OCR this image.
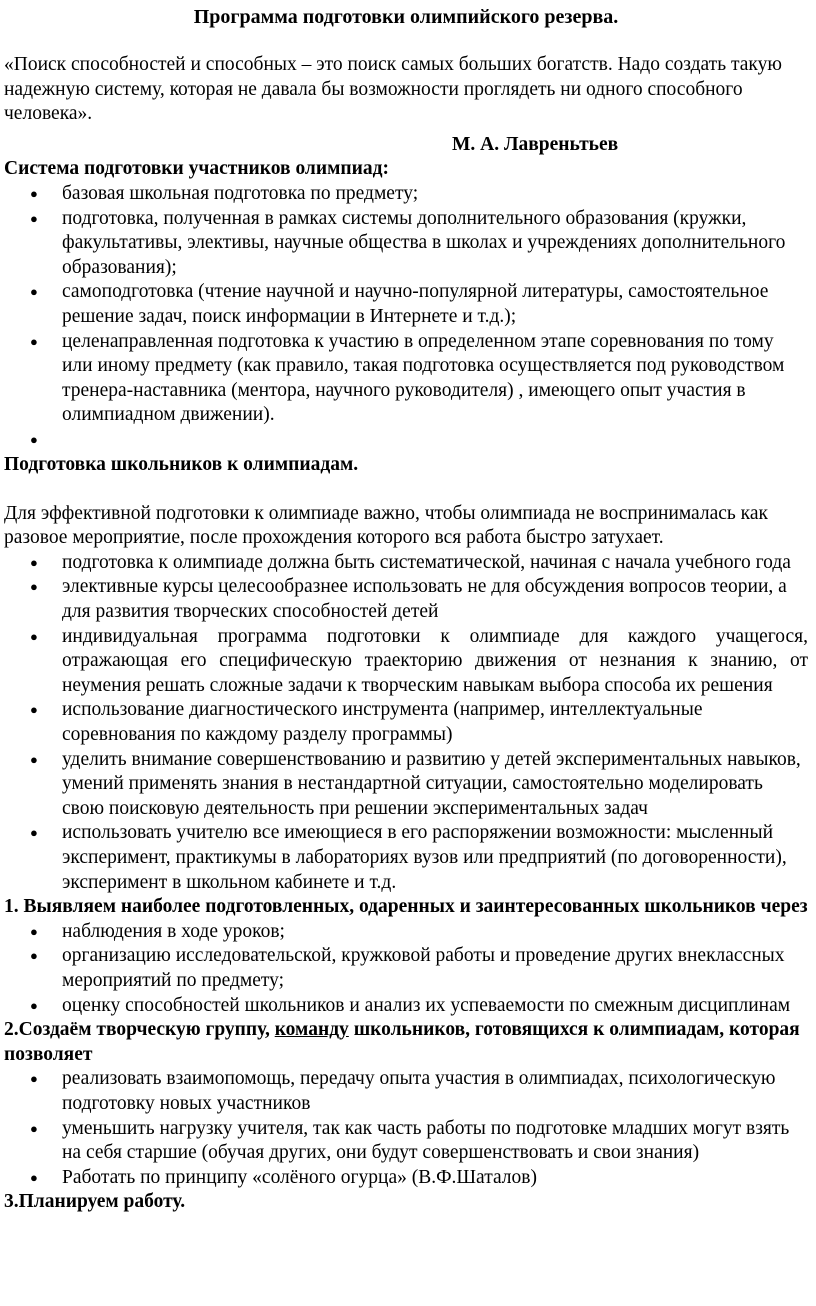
Программа подготовки олимпийского резерва.

«Поиск способностей и способных – это поиск самых больших богатств. Надо создать такую надежную систему, которая не давала бы возможности проглядеть ни одного способного человека».

М. А. Лавреньтьев

Система подготовки участников олимпиад:

● базовая школьная подготовка по предмету;
● подготовка, полученная в рамках системы дополнительного образования (кружки, факультативы, элективы, научные общества в школах и учреждениях дополнительного образования);
● самоподготовка (чтение научной и научно-популярной литературы, самостоятельное решение задач, поиск информации в Интернете и т.д.);
● целенаправленная подготовка к участию в определенном этапе соревнования по тому или иному предмету (как правило, такая подготовка осуществляется под руководством тренера-наставника (ментора, научного руководителя) , имеющего опыт участия в олимпиадном движении).
●

Подготовка школьников к олимпиадам.

Для эффективной подготовки к олимпиаде важно, чтобы олимпиада не воспринималась как разовое мероприятие, после прохождения которого вся работа быстро затухает.

● подготовка к олимпиаде должна быть систематической, начиная с начала учебного года
● элективные курсы целесообразнее использовать не для обсуждения вопросов теории, а для развития творческих способностей детей
● индивидуальная программа подготовки к олимпиаде для каждого учащегося, отражающая его специфическую траекторию движения от незнания к знанию, от неумения решать сложные задачи к творческим навыкам выбора способа их решения
● использование диагностического инструмента (например, интеллектуальные соревнования по каждому разделу программы)
● уделить внимание совершенствованию и развитию у детей экспериментальных навыков, умений применять знания в нестандартной ситуации, самостоятельно моделировать свою поисковую деятельность при решении экспериментальных задач
● использовать учителю все имеющиеся в его распоряжении возможности: мысленный эксперимент, практикумы в лабораториях вузов или предприятий (по договоренности), эксперимент в школьном кабинете и т.д.

1. Выявляем наиболее подготовленных, одаренных и заинтересованных школьников через

● наблюдения в ходе уроков;
● организацию исследовательской, кружковой работы и проведение других внеклассных мероприятий по предмету;
● оценку способностей школьников и анализ их успеваемости по смежным дисциплинам

2.Создаём творческую группу, команду школьников, готовящихся к олимпиадам, которая позволяет

● реализовать взаимопомощь, передачу опыта участия в олимпиадах, психологическую подготовку новых участников
● уменьшить нагрузку учителя, так как часть работы по подготовке младших могут взять на себя старшие (обучая других, они будут совершенствовать и свои знания)
● Работать по принципу «солёного огурца» (В.Ф.Шаталов)

3.Планируем работу.
